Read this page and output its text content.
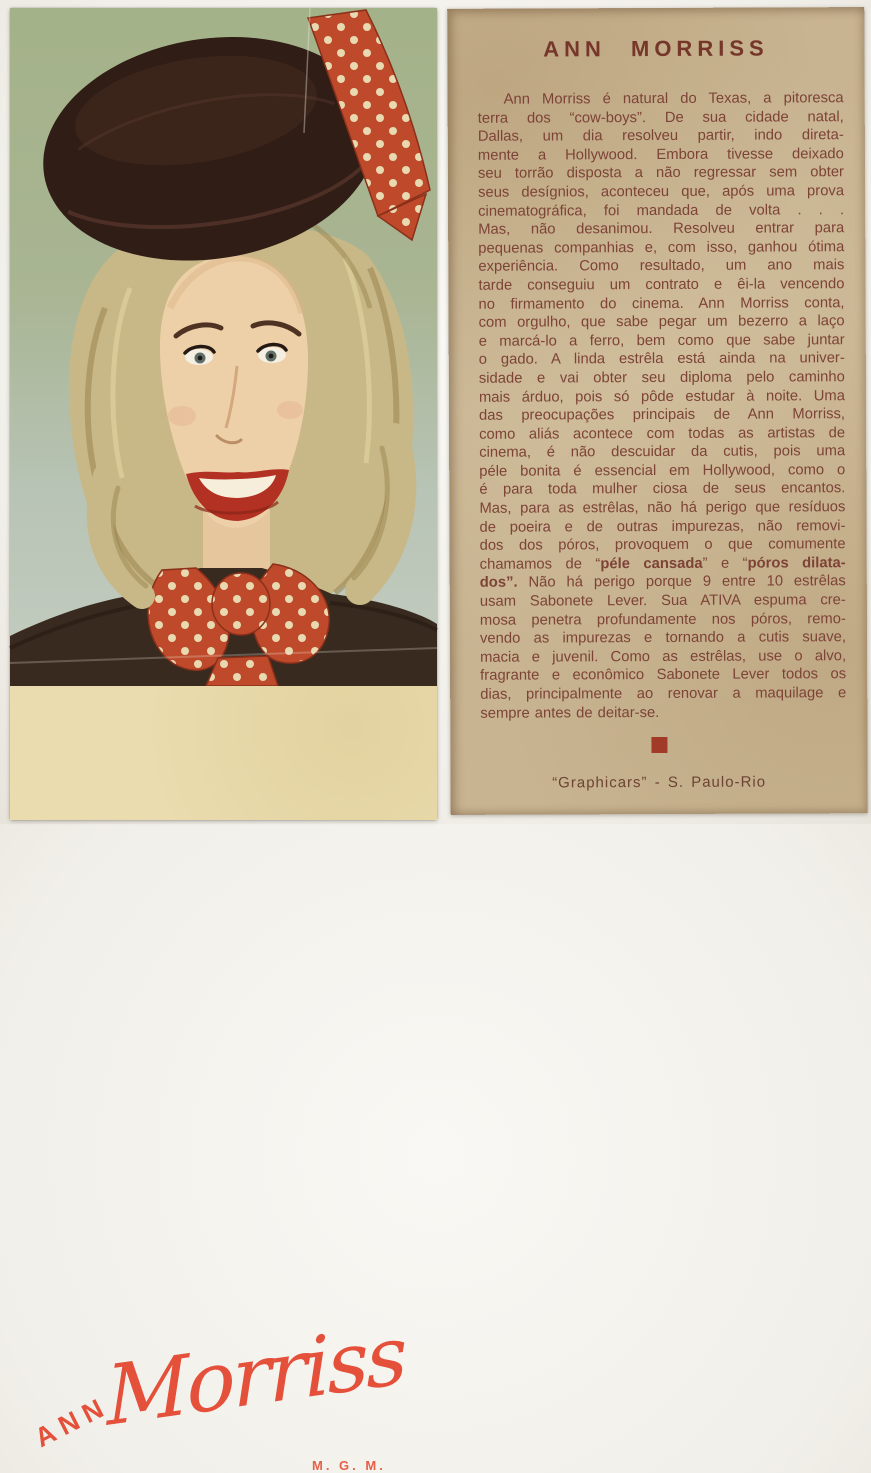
ANN
Morriss
M. G. M.
ANN MORRISS
Ann Morriss é natural do Texas, a pitoresca
terra dos “cow-boys”. De sua cidade natal,
Dallas, um dia resolveu partir, indo direta-
mente a Hollywood. Embora tivesse deixado
seu torrão disposta a não regressar sem obter
seus desígnios, aconteceu que, após uma prova
cinematográfica, foi mandada de volta . . .
Mas, não desanimou. Resolveu entrar para
pequenas companhias e, com isso, ganhou ótima
experiência. Como resultado, um ano mais
tarde conseguiu um contrato e êi-la vencendo
no firmamento do cinema. Ann Morriss conta,
com orgulho, que sabe pegar um bezerro a laço
e marcá-lo a ferro, bem como que sabe juntar
o gado. A linda estrêla está ainda na univer-
sidade e vai obter seu diploma pelo caminho
mais árduo, pois só pôde estudar à noite. Uma
das preocupações principais de Ann Morriss,
como aliás acontece com todas as artistas de
cinema, é não descuidar da cutis, pois uma
péle bonita é essencial em Hollywood, como o
é para toda mulher ciosa de seus encantos.
Mas, para as estrêlas, não há perigo que resíduos
de poeira e de outras impurezas, não removi-
dos dos póros, provoquem o que comumente
chamamos de “péle cansada” e “póros dilata-
dos”. Não há perigo porque 9 entre 10 estrêlas
usam Sabonete Lever. Sua ATIVA espuma cre-
mosa penetra profundamente nos póros, remo-
vendo as impurezas e tornando a cutis suave,
macia e juvenil. Como as estrêlas, use o alvo,
fragrante e econômico Sabonete Lever todos os
dias, principalmente ao renovar a maquilage e
sempre antes de deitar-se.
“Graphicars” - S. Paulo-Rio
